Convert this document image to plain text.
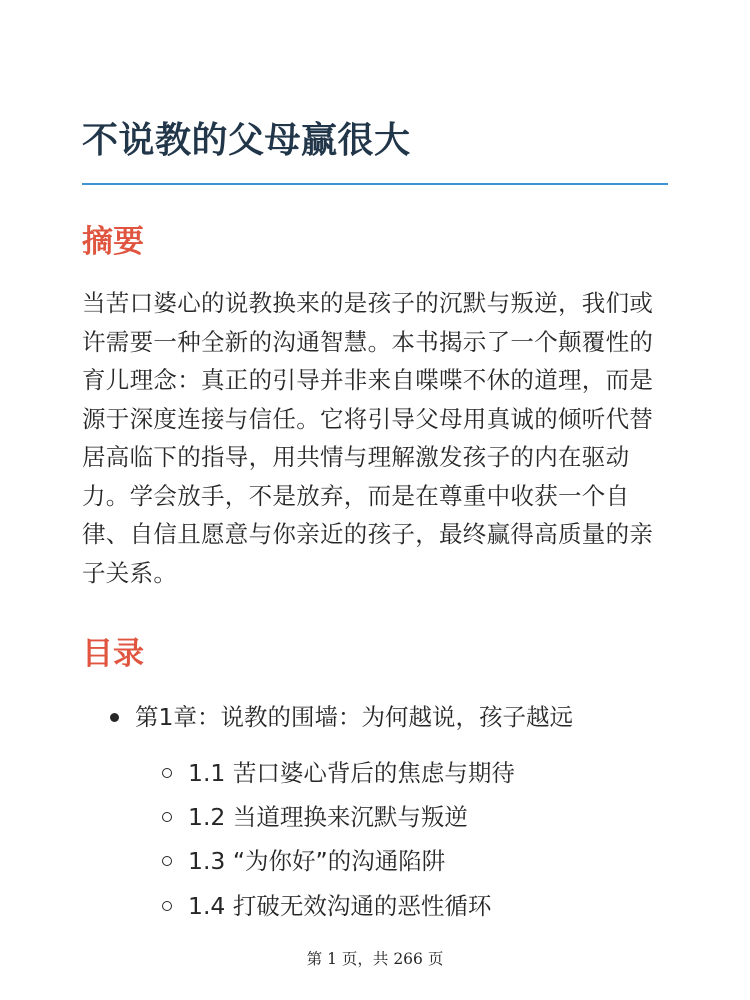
不说教的父母赢很大
摘要

当苦口婆心的说教换来的是孩子的沉默与叛逆，我们或许需要一种全新的沟通智慧。本书揭示了一个颠覆性的育儿理念：真正的引导并非来自喋喋不休的道理，而是源于深度连接与信任。它将引导父母用真诚的倾听代替居高临下的指导，用共情与理解激发孩子的内在驱动力。学会放手，不是放弃，而是在尊重中收获一个自律、自信且愿意与你亲近的孩子，最终赢得高质量的亲子关系。

目录
第1章：说教的围墙：为何越说，孩子越远
1.1 苦口婆心背后的焦虑与期待
1.2 当道理换来沉默与叛逆
1.3 “为你好”的沟通陷阱
1.4 打破无效沟通的恶性循环
第 1 页，共 266 页
